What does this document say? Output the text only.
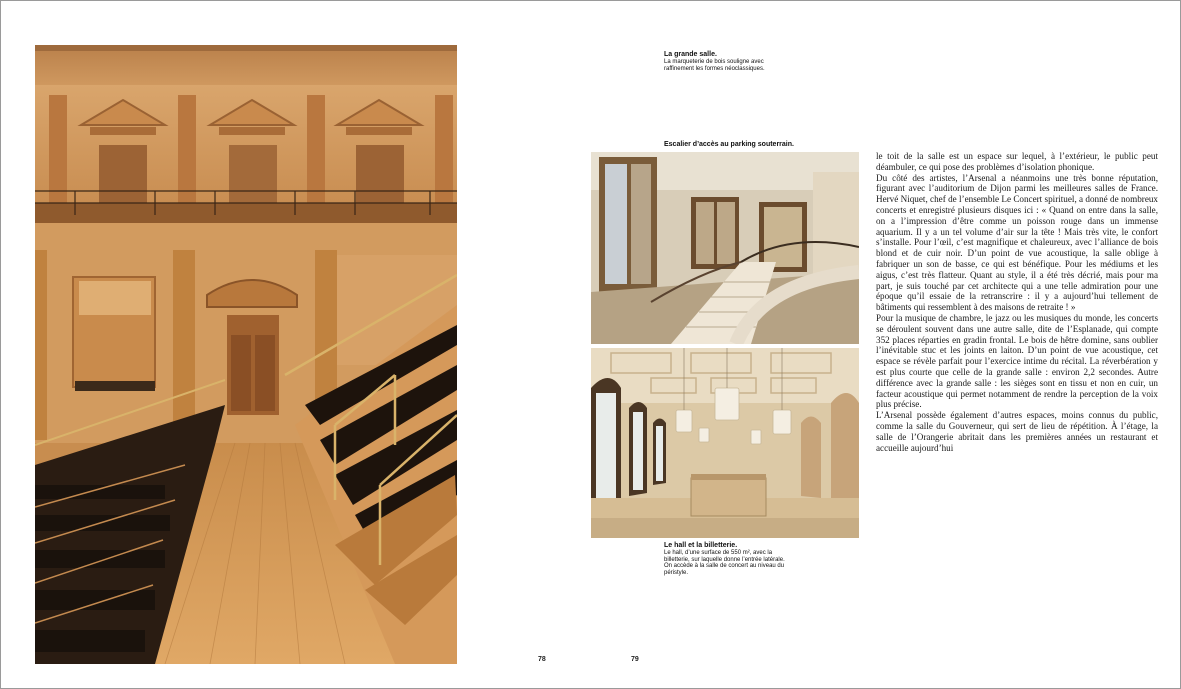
La grande salle.
La marqueterie de bois souligne avec raffinement les formes néoclassiques.
Escalier d’accès au parking souterrain.
Le hall et la billetterie.
Le hall, d’une surface de 550 m², avec la billetterie, sur laquelle donne l’entrée latérale. On accède à la salle de concert au niveau du péristyle.

le toit de la salle est un espace sur lequel, à l’extérieur, le public peut déambuler, ce qui pose des problèmes d’isolation phonique.

Du côté des artistes, l’Arsenal a néanmoins une très bonne réputation, figurant avec l’auditorium de Dijon parmi les meilleures salles de France. Hervé Niquet, chef de l’ensemble Le Concert spirituel, a donné de nombreux concerts et enregistré plusieurs disques ici : « Quand on entre dans la salle, on a l’impression d’être comme un poisson rouge dans un immense aquarium. Il y a un tel volume d’air sur la tête ! Mais très vite, le confort s’installe. Pour l’œil, c’est magnifique et chaleureux, avec l’alliance de bois blond et de cuir noir. D’un point de vue acoustique, la salle oblige à fabriquer un son de basse, ce qui est bénéfique. Pour les médiums et les aigus, c’est très flatteur. Quant au style, il a été très décrié, mais pour ma part, je suis touché par cet architecte qui a une telle admiration pour une époque qu’il essaie de la retranscrire : il y a aujourd’hui tellement de bâtiments qui ressemblent à des maisons de retraite ! »

Pour la musique de chambre, le jazz ou les musiques du monde, les concerts se déroulent souvent dans une autre salle, dite de l’Esplanade, qui compte 352 places réparties en gradin frontal. Le bois de hêtre domine, sans oublier l’inévitable stuc et les joints en laiton. D’un point de vue acoustique, cet espace se révèle parfait pour l’exercice intime du récital. La réverbération y est plus courte que celle de la grande salle : environ 2,2 secondes. Autre différence avec la grande salle : les sièges sont en tissu et non en cuir, un facteur acoustique qui permet notamment de rendre la perception de la voix plus précise.

L’Arsenal possède également d’autres espaces, moins connus du public, comme la salle du Gouverneur, qui sert de lieu de répétition. À l’étage, la salle de l’Orangerie abritait dans les premières années un restaurant et accueille aujourd’hui

78	79
